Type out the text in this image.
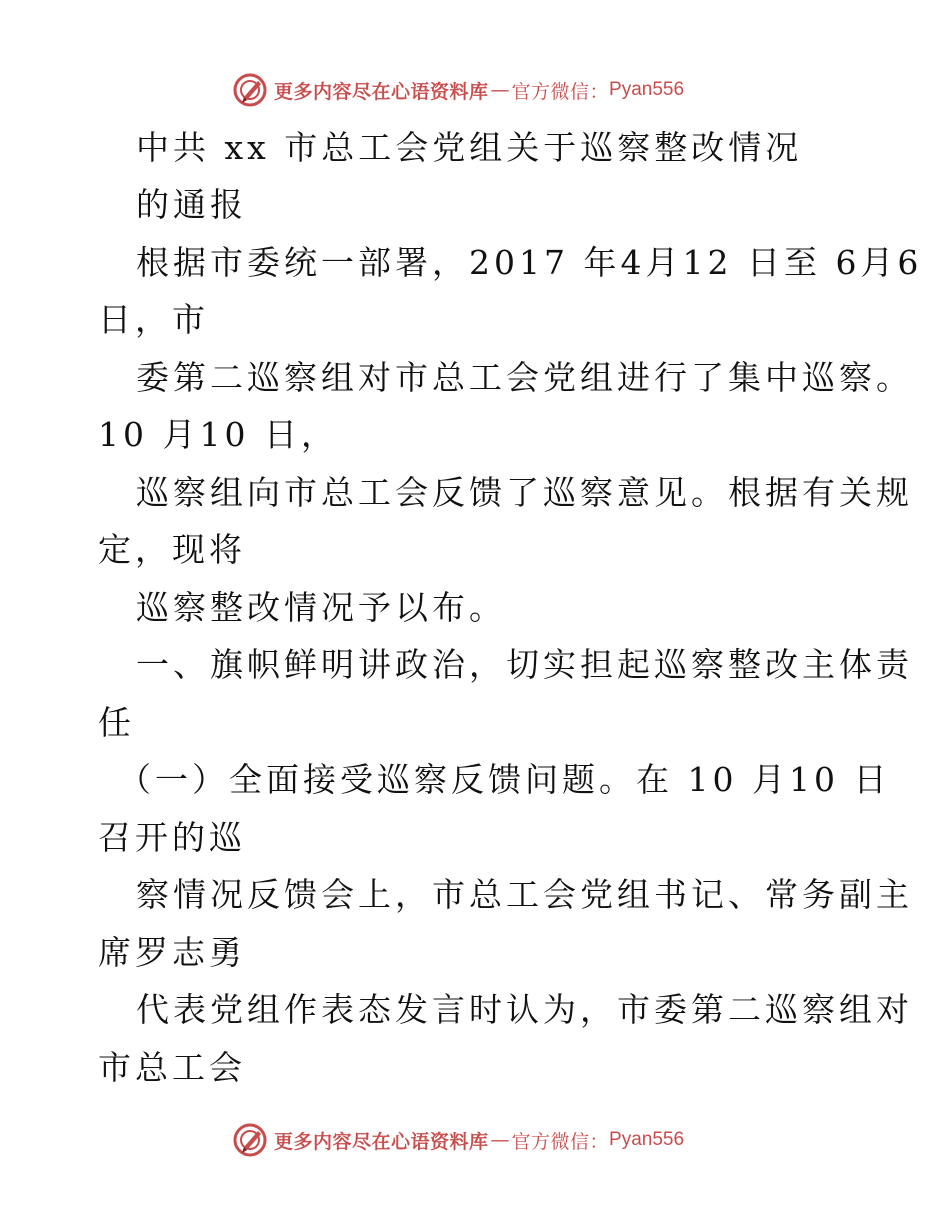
更多内容尽在心语资料库 — 官方微信： Pyan556
中共 xx 市总工会党组关于巡察整改情况
的通报
根据市委统一部署，2017 年4月12 日至 6月6
日，市
委第二巡察组对市总工会党组进行了集中巡察。
10 月10 日，
巡察组向市总工会反馈了巡察意见。根据有关规
定，现将
巡察整改情况予以布。
一、旗帜鲜明讲政治，切实担起巡察整改主体责
任
（一）全面接受巡察反馈问题。在 10 月10 日
召开的巡
察情况反馈会上，市总工会党组书记、常务副主
席罗志勇
代表党组作表态发言时认为，市委第二巡察组对
市总工会
更多内容尽在心语资料库 — 官方微信： Pyan556
